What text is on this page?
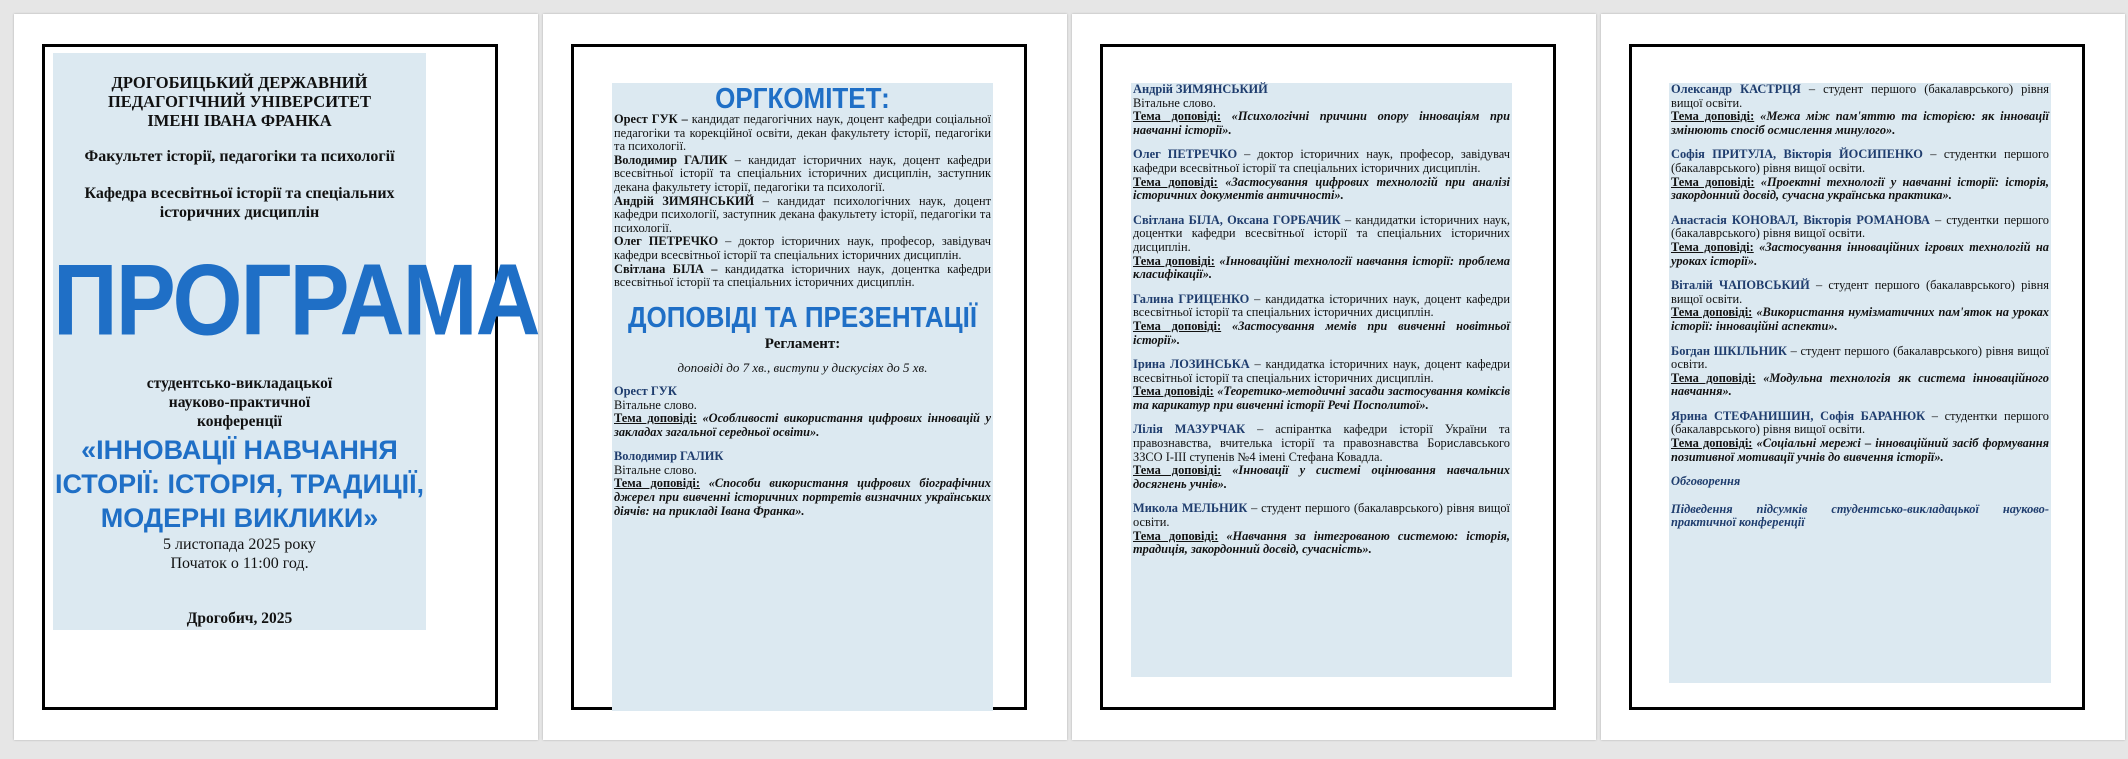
ДРОГОБИЦЬКИЙ ДЕРЖАВНИЙ
ПЕДАГОГІЧНИЙ УНІВЕРСИТЕТ
ІМЕНІ ІВАНА ФРАНКА
Факультет історії, педагогіки та психології
Кафедра всесвітньої історії та спеціальних
історичних дисциплін
ПРОГРАМА
студентсько-викладацької
науково-практичної
конференції
«ІННОВАЦІЇ НАВЧАННЯ
ІСТОРІЇ: ІСТОРІЯ, ТРАДИЦІЇ,
МОДЕРНІ ВИКЛИКИ»
5 листопада 2025 року
Початок о 11:00 год.
Дрогобич, 2025
ОРГКОМІТЕТ:

Орест ГУК – кандидат педагогічних наук, доцент кафедри соціальної педагогіки та корекційної освіти, декан факультету історії, педагогіки та психології.

Володимир ГАЛИК – кандидат історичних наук, доцент кафедри всесвітньої історії та спеціальних історичних дисциплін, заступник декана факультету історії, педагогіки та психології.

Андрій ЗИМЯНСЬКИЙ – кандидат психологічних наук, доцент кафедри психології, заступник декана факультету історії, педагогіки та психології.

Олег ПЕТРЕЧКО – доктор історичних наук, професор, завідувач кафедри всесвітньої історії та спеціальних історичних дисциплін.

Світлана БІЛА – кандидатка історичних наук, доцентка кафедри всесвітньої історії та спеціальних історичних дисциплін.

ДОПОВІДІ ТА ПРЕЗЕНТАЦІЇ
Регламент:
доповіді до 7 хв., виступи у дискусіях до 5 хв.

Орест ГУК

Вітальне слово.

Тема доповіді: «Особливості використання цифрових інновацій у закладах загальної середньої освіти».

Володимир ГАЛИК

Вітальне слово.

Тема доповіді: «Способи використання цифрових біографічних джерел при вивченні історичних портретів визначних українських діячів: на прикладі Івана Франка».

Андрій ЗИМЯНСЬКИЙ

Вітальне слово.

Тема доповіді: «Психологічні причини опору інноваціям при навчанні історії».

Олег ПЕТРЕЧКО – доктор історичних наук, професор, завідувач кафедри всесвітньої історії та спеціальних історичних дисциплін.

Тема доповіді: «Застосування цифрових технологій при аналізі історичних документів античності».

Світлана БІЛА, Оксана ГОРБАЧИК – кандидатки історичних наук, доцентки кафедри всесвітньої історії та спеціальних історичних дисциплін.

Тема доповіді: «Інноваційні технології навчання історії: проблема класифікації».

Галина ГРИЦЕНКО – кандидатка історичних наук, доцент кафедри всесвітньої історії та спеціальних історичних дисциплін.

Тема доповіді: «Застосування мемів при вивченні новітньої історії».

Ірина ЛОЗИНСЬКА – кандидатка історичних наук, доцент кафедри всесвітньої історії та спеціальних історичних дисциплін.

Тема доповіді: «Теоретико-методичні засади застосування коміксів та карикатур при вивченні історії Речі Посполитої».

Лілія МАЗУРЧАК – аспірантка кафедри історії України та правознавства, вчителька історії та правознавства Бориславського ЗЗСО І-ІІІ ступенів №4 імені Стефана Ковадла.

Тема доповіді: «Інновації у системі оцінювання навчальних досягнень учнів».

Микола МЕЛЬНИК – студент першого (бакалаврського) рівня вищої освіти.

Тема доповіді: «Навчання за інтегрованою системою: історія, традиція, закордонний досвід, сучасність».

Олександр КАСТРЦЯ – студент першого (бакалаврського) рівня вищої освіти.

Тема доповіді: «Межа між пам'яттю та історією: як інновації змінюють спосіб осмислення минулого».

Софія ПРИТУЛА, Вікторія ЙОСИПЕНКО – студентки першого (бакалаврського) рівня вищої освіти.

Тема доповіді: «Проектні технології у навчанні історії: історія, закордонний досвід, сучасна українська практика».

Анастасія КОНОВАЛ, Вікторія РОМАНОВА – студентки першого (бакалаврського) рівня вищої освіти.

Тема доповіді: «Застосування інноваційних ігрових технологій на уроках історії».

Віталій ЧАПОВСЬКИЙ – студент першого (бакалаврського) рівня вищої освіти.

Тема доповіді: «Використання нумізматичних пам'яток на уроках історії: інноваційні аспекти».

Богдан ШКІЛЬНИК – студент першого (бакалаврського) рівня вищої освіти.

Тема доповіді: «Модульна технологія як система інноваційного навчання».

Ярина СТЕФАНИШИН, Софія БАРАНЮК – студентки першого (бакалаврського) рівня вищої освіти.

Тема доповіді: «Соціальні мережі – інноваційний засіб формування позитивної мотивації учнів до вивчення історії».

Обговорення

Підведення підсумків студентсько-викладацької науково-практичної конференції
